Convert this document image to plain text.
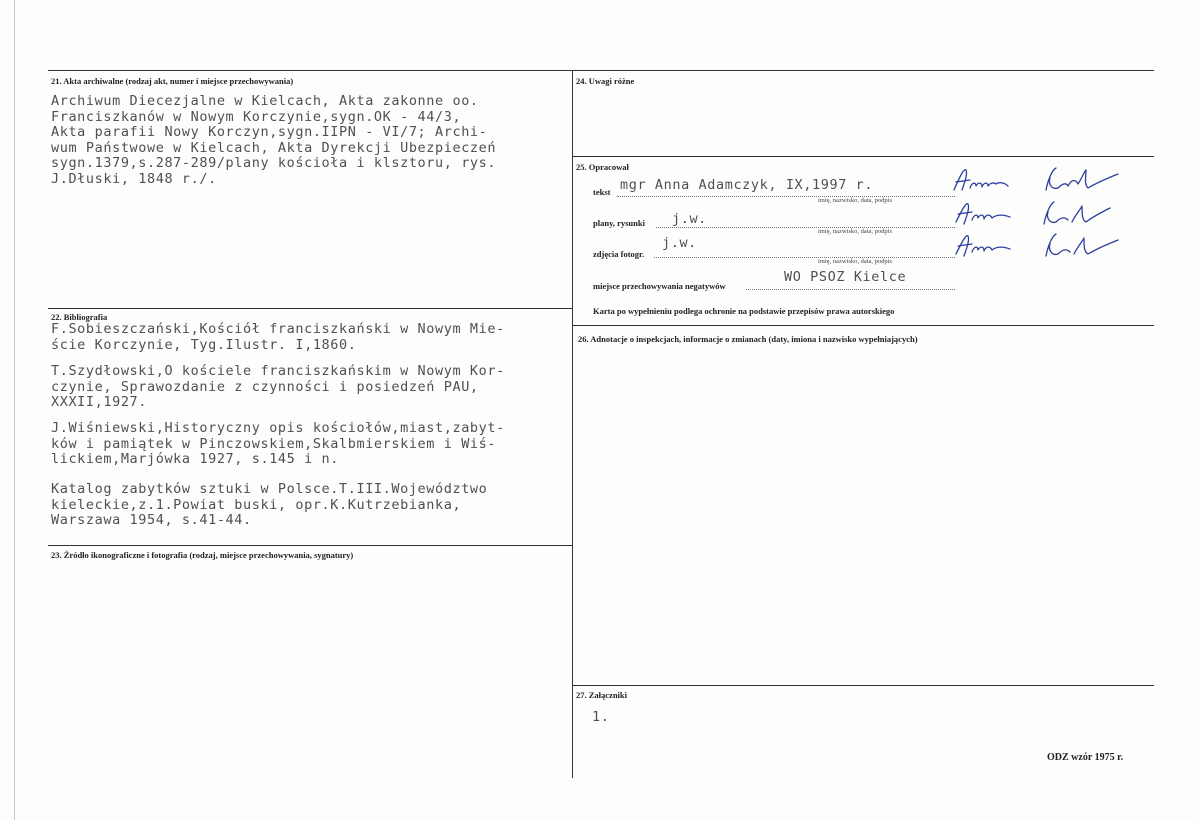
21. Akta archiwalne (rodzaj akt, numer i miejsce przechowywania)
Archiwum Diecezjalne w Kielcach, Akta zakonne oo.
Franciszkanów w Nowym Korczynie,sygn.OK - 44/3,
Akta parafii Nowy Korczyn,sygn.IIPN - VI/7; Archi-
wum Państwowe w Kielcach, Akta Dyrekcji Ubezpieczeń
sygn.1379,s.287-289/plany kościoła i klsztoru, rys.
J.Dłuski, 1848 r./.
22. Bibliografia
F.Sobieszczański,Kościół franciszkański w Nowym Mie-
ście Korczynie, Tyg.Ilustr. I,1860.
T.Szydłowski,O kościele franciszkańskim w Nowym Kor-
czynie, Sprawozdanie z czynności i posiedzeń PAU,
XXXII,1927.
J.Wiśniewski,Historyczny opis kościołów,miast,zabyt-
ków i pamiątek w Pinczowskiem,Skalbmierskiem i Wiś-
lickiem,Marjówka 1927, s.145 i n.
Katalog zabytków sztuki w Polsce.T.III.Województwo
kieleckie,z.1.Powiat buski, opr.K.Kutrzebianka,
Warszawa 1954, s.41-44.
23. Źródło ikonograficzne i fotografia (rodzaj, miejsce przechowywania, sygnatury)
24. Uwagi różne
25. Opracował
tekst mgr Anna Adamczyk, IX,1997 r.
imię, nazwisko, data, podpis
plany, rysunki j.w.
imię, nazwisko, data, podpis
zdjęcia fotogr.
j.w.
imię, nazwisko, data, podpis
miejsce przechowywania negatywów
WO PSOZ Kielce
Karta po wypełnieniu podlega ochronie na podstawie przepisów prawa autorskiego
26. Adnotacje o inspekcjach, informacje o zmianach (daty, imiona i nazwisko wypełniających)
27. Załączniki
1.
ODZ wzór 1975 r.
